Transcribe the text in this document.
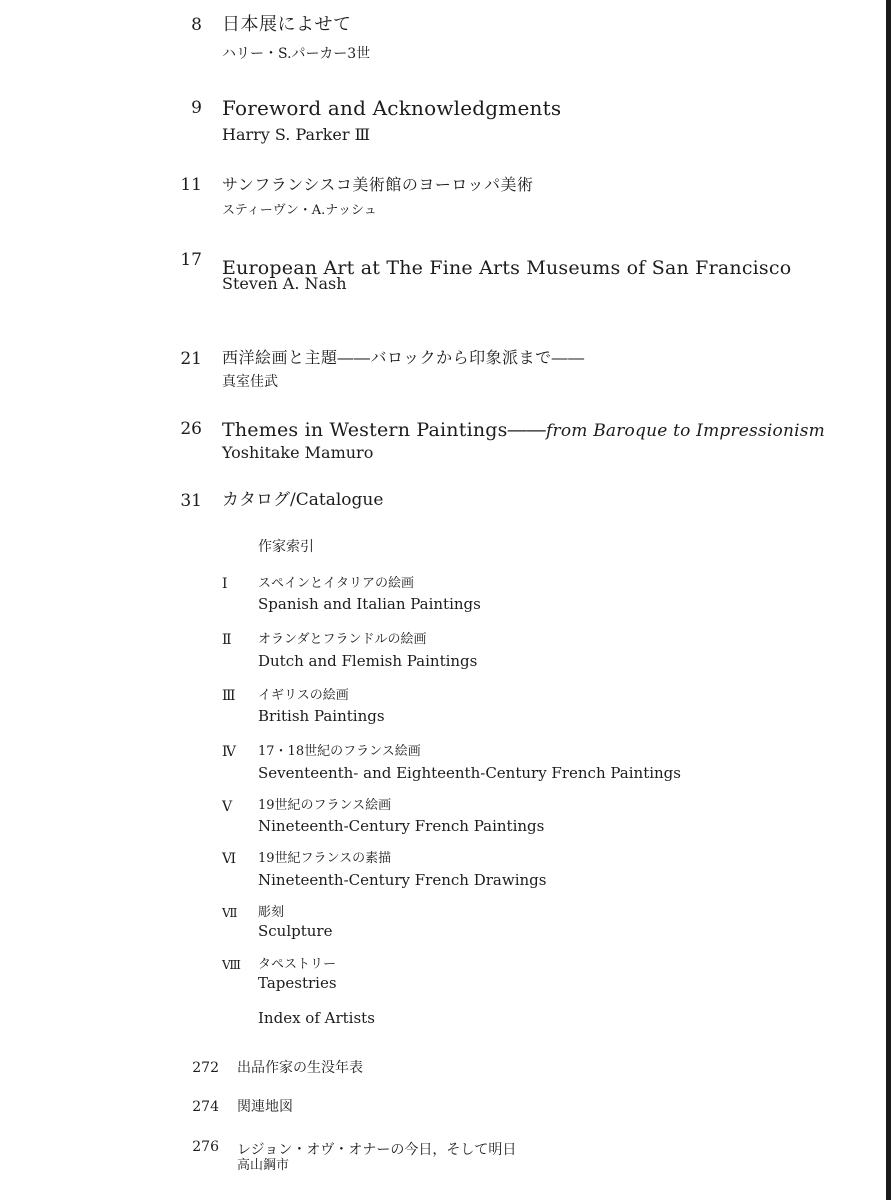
8 日本展によせて
ハリー・S.パーカー3世
9 Foreword and Acknowledgments
Harry S. Parker Ⅲ
11 サンフランシスコ美術館のヨーロッパ美術
スティーヴン・A.ナッシュ
17 European Art at The Fine Arts Museums of San Francisco
Steven A. Nash
21 西洋絵画と主題――バロックから印象派まで――
真室佳武
26 Themes in Western Paintings――from Baroque to Impressionism
Yoshitake Mamuro
31 カタログ/Catalogue
作家索引
Ⅰ	スペインとイタリアの絵画
Spanish and Italian Paintings
Ⅱ	オランダとフランドルの絵画
Dutch and Flemish Paintings
Ⅲ	イギリスの絵画
British Paintings
Ⅳ	17・18世紀のフランス絵画
Seventeenth- and Eighteenth-Century French Paintings
Ⅴ	19世紀のフランス絵画
Nineteenth-Century French Paintings
Ⅵ	19世紀フランスの素描
Nineteenth-Century French Drawings
Ⅶ	彫刻
Sculpture
Ⅷ	タペストリー
Tapestries
Index of Artists
272 出品作家の生没年表
274 関連地図
276 レジョン・オヴ・オナーの今日，そして明日
高山鋼市
